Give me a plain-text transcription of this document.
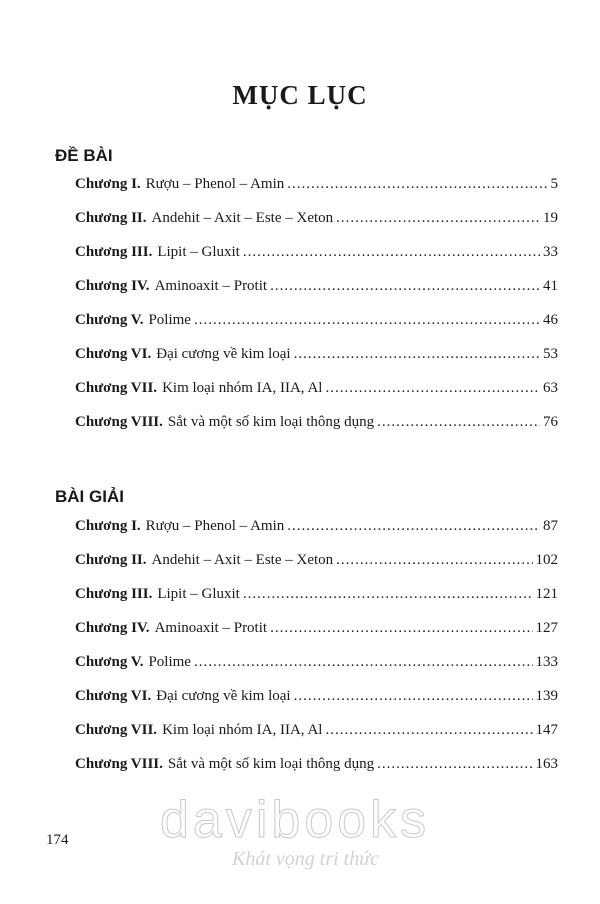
MỤC LỤC
ĐỀ BÀI
Chương I. Rượu – Phenol – Amin .....	5
Chương II. Andehit – Axit – Este – Xeton .....	19
Chương III. Lipit – Gluxit .....	33
Chương IV. Aminoaxit – Protit .....	41
Chương V. Polime .....	46
Chương VI. Đại cương về kim loại .....	53
Chương VII. Kim loại nhóm IA, IIA, Al .....	63
Chương VIII. Sắt và một số kim loại thông dụng .....	76
BÀI GIẢI
Chương I. Rượu – Phenol – Amin .....	87
Chương II. Andehit – Axit – Este – Xeton .....	102
Chương III. Lipit – Gluxit .....	121
Chương IV. Aminoaxit – Protit .....	127
Chương V. Polime .....	133
Chương VI. Đại cương về kim loại .....	139
Chương VII. Kim loại nhóm IA, IIA, Al .....	147
Chương VIII. Sắt và một số kim loại thông dụng .....	163
174 davibooks
Khát vọng tri thức
